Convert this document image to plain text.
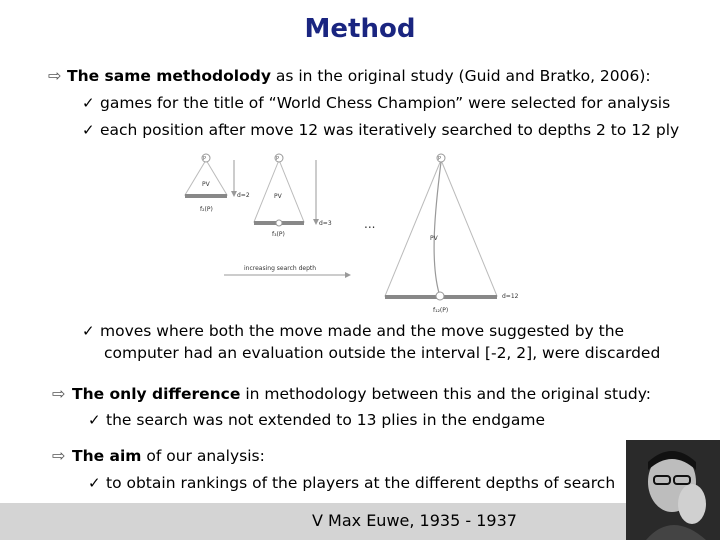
Method
⇨ The same methodolody as in the original study (Guid and Bratko, 2006):
✓ games for the title of “World Chess Champion” were selected for analysis
✓ each position after move 12 was iteratively searched to depths 2 to 12 ply
P
PV
f₂(P)
d=2
P
PV
f₃(P)
d=3	...
P
PV
f₁₂(P)
d=12
increasing search depth
✓ moves where both the move made and the move suggested by the
computer had an evaluation outside the interval [-2, 2], were discarded
⇨ The only difference in methodology between this and the original study:
✓ the search was not extended to 13 plies in the endgame
⇨ The aim of our analysis:
✓ to obtain rankings of the players at the different depths of search
V Max Euwe, 1935 - 1937
